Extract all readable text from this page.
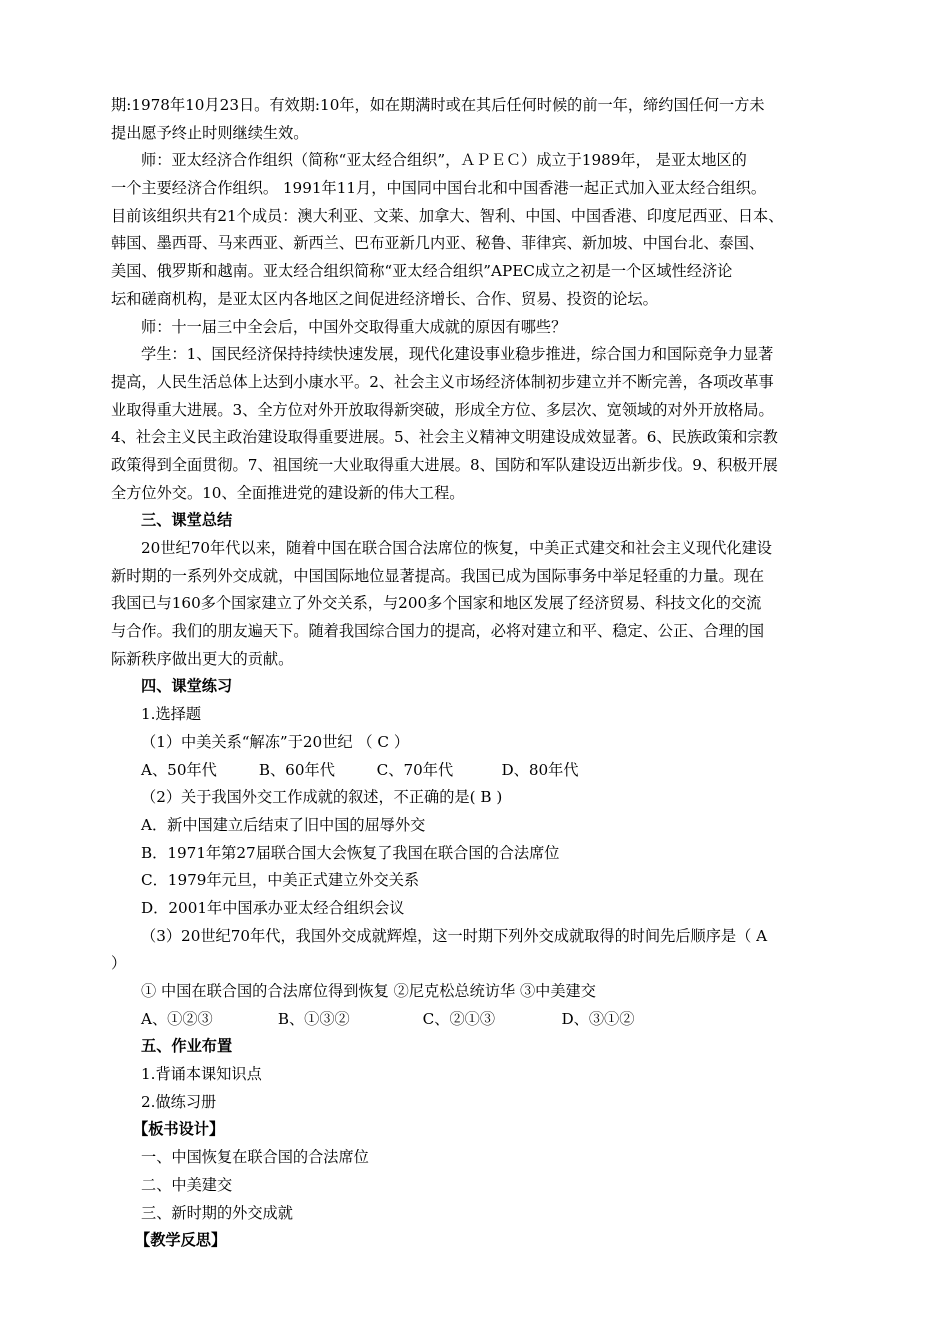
期:1978年10月23日。有效期:10年，如在期满时或在其后任何时候的前一年，缔约国任何一方未
提出愿予终止时则继续生效。
师：亚太经济合作组织（简称“亚太经合组织”，ＡＰＥＣ）成立于1989年， 是亚太地区的
一个主要经济合作组织。 1991年11月，中国同中国台北和中国香港一起正式加入亚太经合组织。
目前该组织共有21个成员：澳大利亚、文莱、加拿大、智利、中国、中国香港、印度尼西亚、日本、
韩国、墨西哥、马来西亚、新西兰、巴布亚新几内亚、秘鲁、菲律宾、新加坡、中国台北、泰国、
美国、俄罗斯和越南。亚太经合组织简称“亚太经合组织”APEC成立之初是一个区域性经济论
坛和磋商机构，是亚太区内各地区之间促进经济增长、合作、贸易、投资的论坛。
师：十一届三中全会后，中国外交取得重大成就的原因有哪些？
学生：1、国民经济保持持续快速发展，现代化建设事业稳步推进，综合国力和国际竞争力显著
提高，人民生活总体上达到小康水平。2、社会主义市场经济体制初步建立并不断完善，各项改革事
业取得重大进展。3、全方位对外开放取得新突破，形成全方位、多层次、宽领域的对外开放格局。
4、社会主义民主政治建设取得重要进展。5、社会主义精神文明建设成效显著。6、民族政策和宗教
政策得到全面贯彻。7、祖国统一大业取得重大进展。8、国防和军队建设迈出新步伐。9、积极开展
全方位外交。10、全面推进党的建设新的伟大工程。
三、课堂总结
20世纪70年代以来，随着中国在联合国合法席位的恢复，中美正式建交和社会主义现代化建设
新时期的一系列外交成就，中国国际地位显著提高。我国已成为国际事务中举足轻重的力量。现在
我国已与160多个国家建立了外交关系，与200多个国家和地区发展了经济贸易、科技文化的交流
与合作。我们的朋友遍天下。随着我国综合国力的提高，必将对建立和平、稳定、公正、合理的国
际新秩序做出更大的贡献。
四、课堂练习
1.选择题
（1）中美关系“解冻”于20世纪 （ C ）
A、50年代	B、60年代	C、70年代	D、80年代
（2）关于我国外交工作成就的叙述，不正确的是( B )
A．新中国建立后结束了旧中国的屈辱外交
B．1971年第27届联合国大会恢复了我国在联合国的合法席位
C．1979年元旦，中美正式建立外交关系
D．2001年中国承办亚太经合组织会议
（3）20世纪70年代，我国外交成就辉煌，这一时期下列外交成就取得的时间先后顺序是（ A
）
① 中国在联合国的合法席位得到恢复 ②尼克松总统访华 ③中美建交
A、①②③	B、①③②	C、②①③	D、③①②
五、作业布置
1.背诵本课知识点
2.做练习册
【板书设计】
一、中国恢复在联合国的合法席位
二、中美建交
三、新时期的外交成就
【教学反思】
